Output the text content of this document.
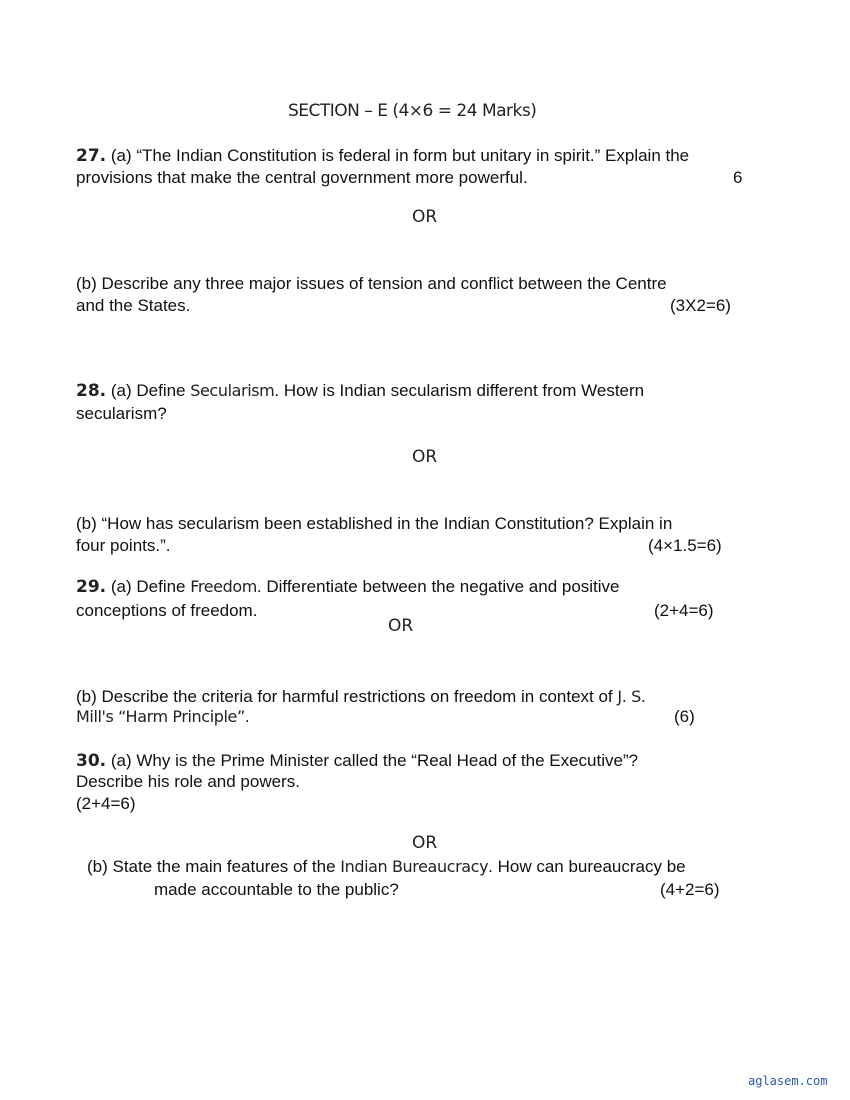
SECTION – E (4×6 = 24 Marks)
27. (a) “The Indian Constitution is federal in form but unitary in spirit.” Explain the
provisions that make the central government more powerful.	6
OR
(b) Describe any three major issues of tension and conflict between the Centre
and the States.	(3X2=6)
28. (a) Define Secularism. How is Indian secularism different from Western
secularism?
OR
(b) “How has secularism been established in the Indian Constitution? Explain in
four points.”.	(4×1.5=6)
29. (a) Define Freedom. Differentiate between the negative and positive
conceptions of freedom.	(2+4=6)
OR
(b) Describe the criteria for harmful restrictions on freedom in context of J. S.
Mill's “Harm Principle”.	(6)
30. (a) Why is the Prime Minister called the “Real Head of the Executive”?
Describe his role and powers.
(2+4=6)
OR
(b) State the main features of the Indian Bureaucracy. How can bureaucracy be
made accountable to the public?	(4+2=6)
aglasem.com
